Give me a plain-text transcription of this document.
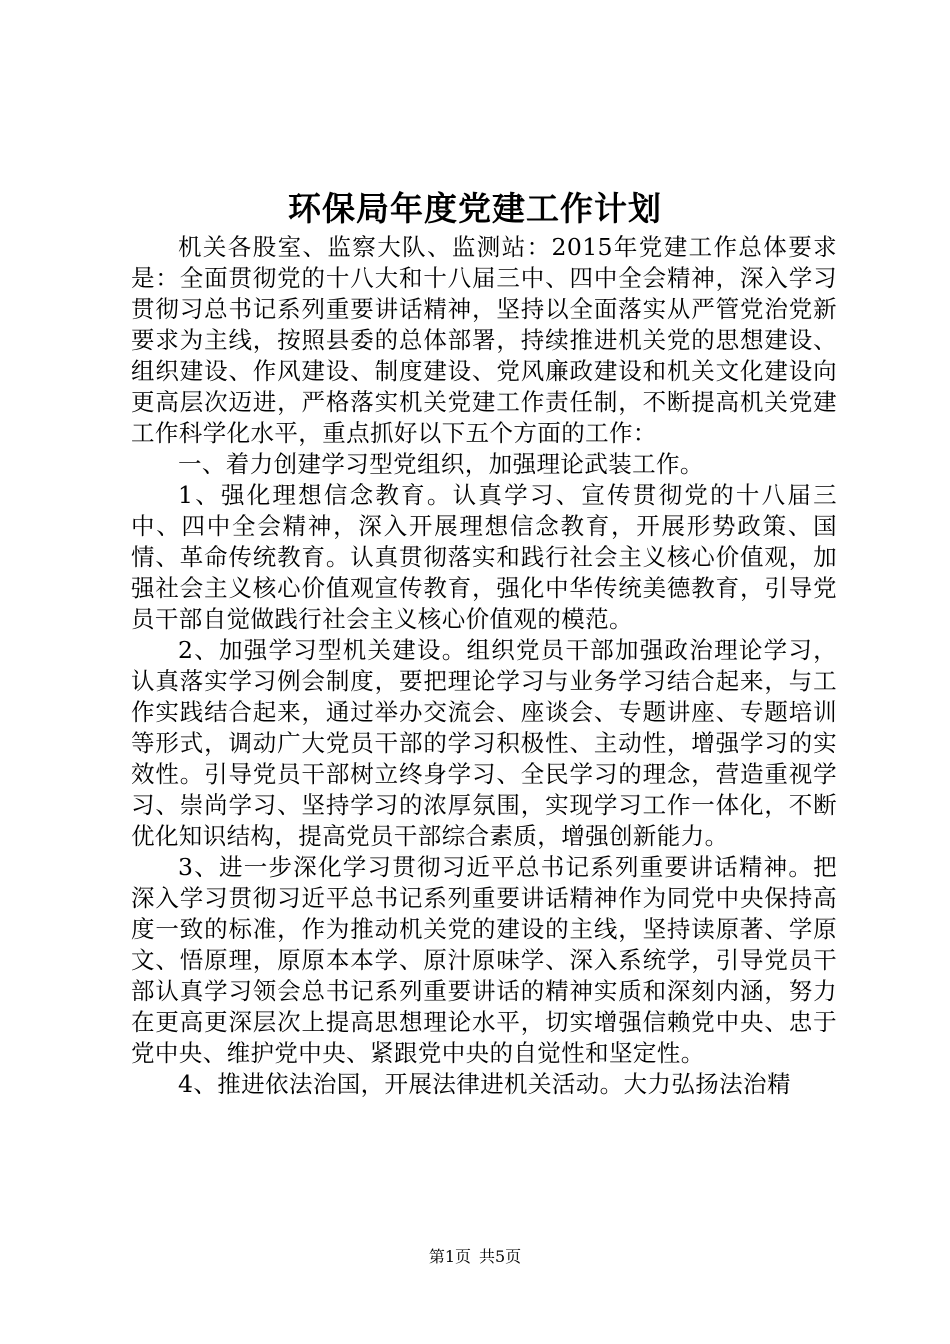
环保局年度党建工作计划

机关各股室、监察大队、监测站：2015年党建工作总体要求是：全面贯彻党的十八大和十八届三中、四中全会精神，深入学习贯彻习总书记系列重要讲话精神，坚持以全面落实从严管党治党新要求为主线，按照县委的总体部署，持续推进机关党的思想建设、组织建设、作风建设、制度建设、党风廉政建设和机关文化建设向更高层次迈进，严格落实机关党建工作责任制，不断提高机关党建工作科学化水平，重点抓好以下五个方面的工作：

一、着力创建学习型党组织，加强理论武装工作。

1、强化理想信念教育。认真学习、宣传贯彻党的十八届三中、四中全会精神，深入开展理想信念教育，开展形势政策、国情、革命传统教育。认真贯彻落实和践行社会主义核心价值观，加强社会主义核心价值观宣传教育，强化中华传统美德教育，引导党员干部自觉做践行社会主义核心价值观的模范。

2、加强学习型机关建设。组织党员干部加强政治理论学习，认真落实学习例会制度，要把理论学习与业务学习结合起来，与工作实践结合起来，通过举办交流会、座谈会、专题讲座、专题培训等形式，调动广大党员干部的学习积极性、主动性，增强学习的实效性。引导党员干部树立终身学习、全民学习的理念，营造重视学习、崇尚学习、坚持学习的浓厚氛围，实现学习工作一体化，不断优化知识结构，提高党员干部综合素质，增强创新能力。

3、进一步深化学习贯彻习近平总书记系列重要讲话精神。把深入学习贯彻习近平总书记系列重要讲话精神作为同党中央保持高度一致的标准，作为推动机关党的建设的主线，坚持读原著、学原文、悟原理，原原本本学、原汁原味学、深入系统学，引导党员干部认真学习领会总书记系列重要讲话的精神实质和深刻内涵，努力在更高更深层次上提高思想理论水平，切实增强信赖党中央、忠于党中央、维护党中央、紧跟党中央的自觉性和坚定性。

4、推进依法治国，开展法律进机关活动。大力弘扬法治精

第1页 共5页
